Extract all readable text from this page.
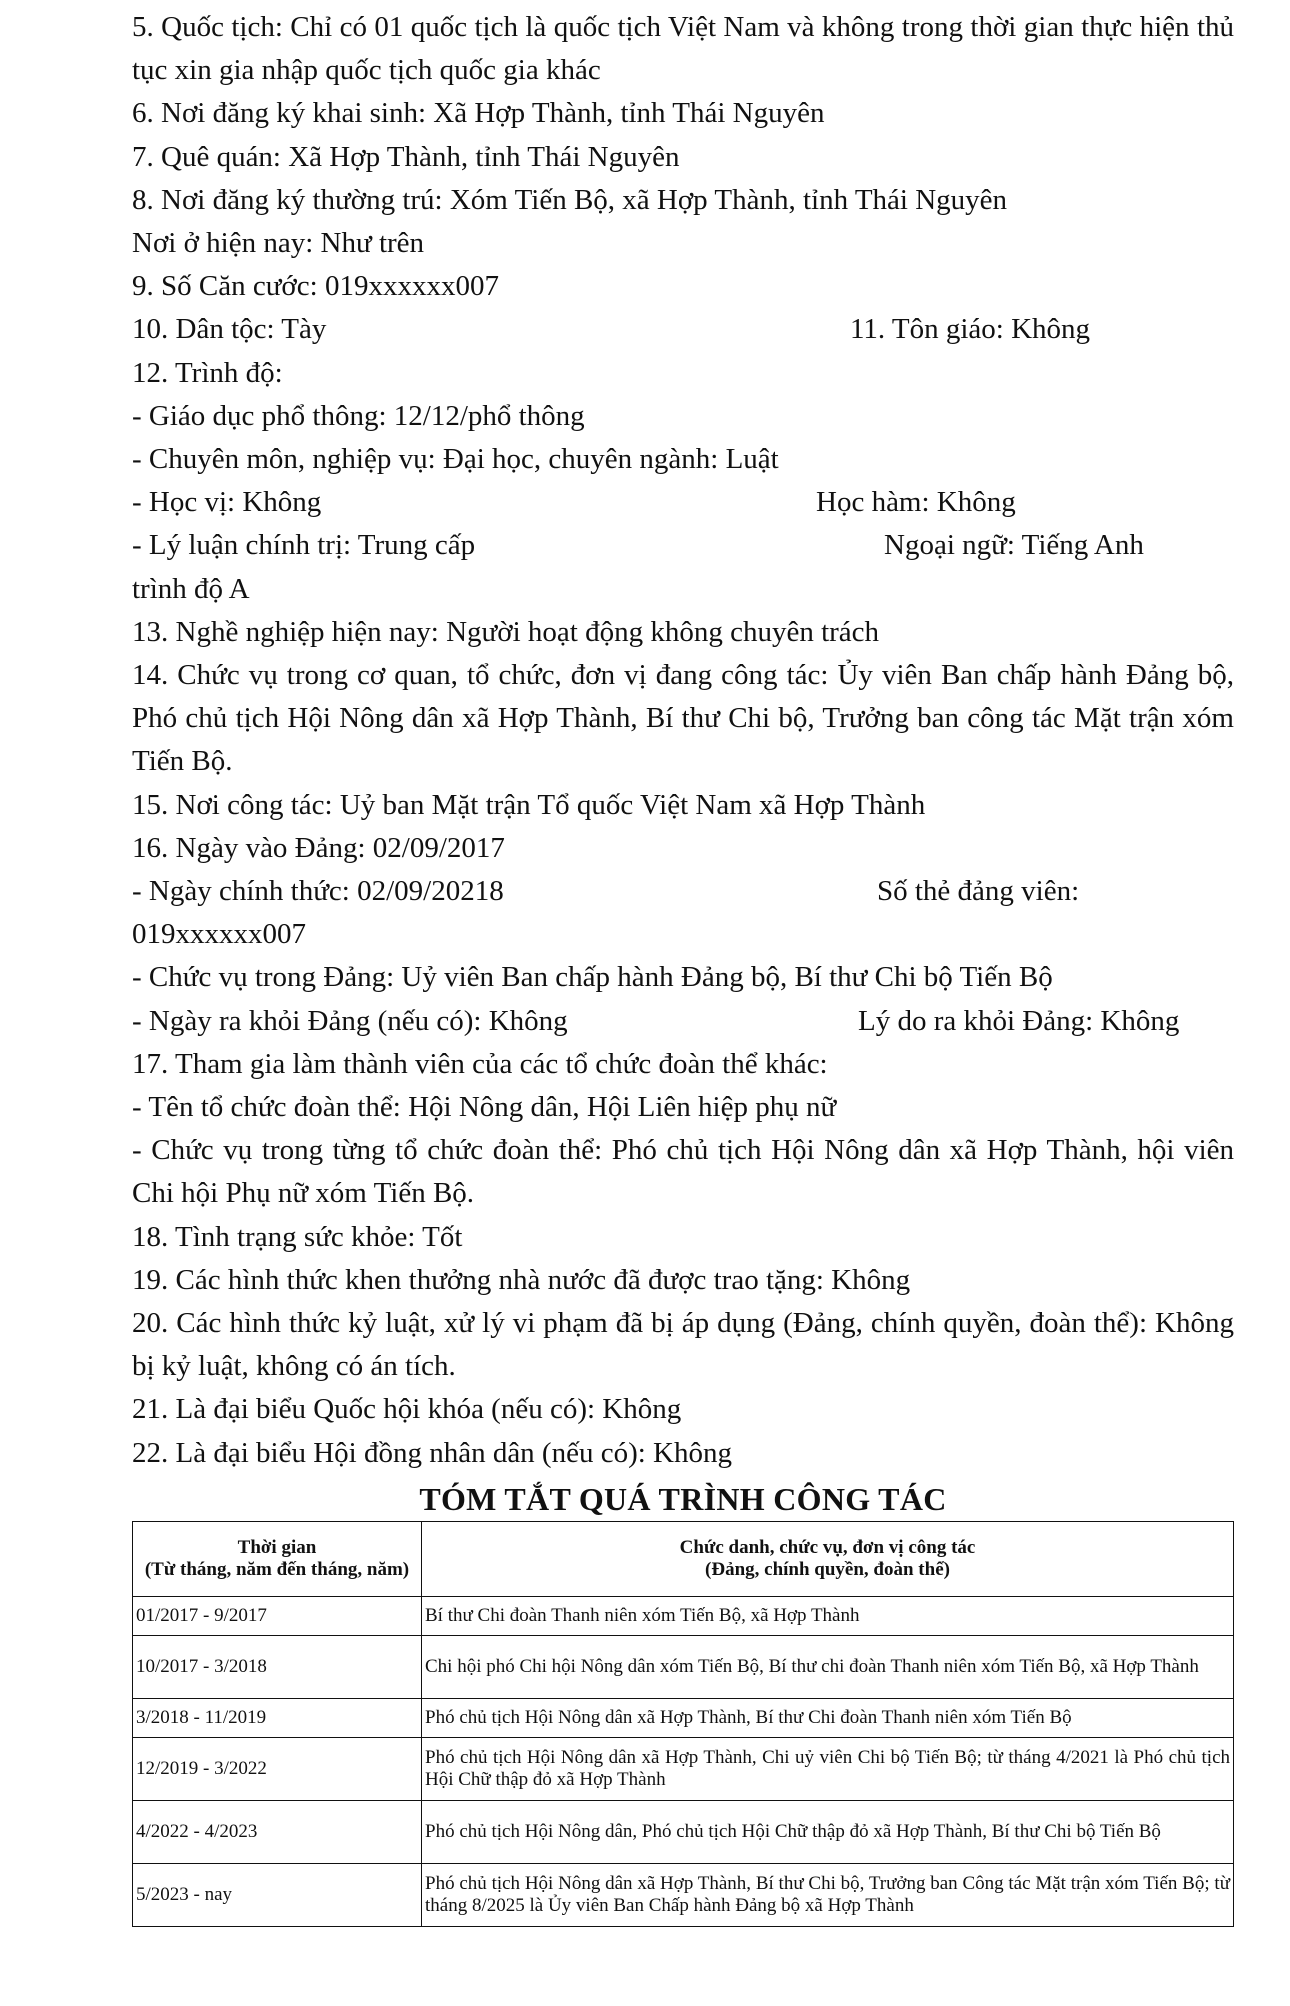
5. Quốc tịch: Chỉ có 01 quốc tịch là quốc tịch Việt Nam và không trong thời gian thực hiện thủ tục xin gia nhập quốc tịch quốc gia khác
6. Nơi đăng ký khai sinh: Xã Hợp Thành, tỉnh Thái Nguyên
7. Quê quán: Xã Hợp Thành, tỉnh Thái Nguyên
8. Nơi đăng ký thường trú: Xóm Tiến Bộ, xã Hợp Thành, tỉnh Thái Nguyên
Nơi ở hiện nay: Như trên
9. Số Căn cước: 019xxxxxx007
10. Dân tộc: Tày	11. Tôn giáo: Không
12. Trình độ:
- Giáo dục phổ thông: 12/12/phổ thông
- Chuyên môn, nghiệp vụ: Đại học, chuyên ngành: Luật
- Học vị: Không	Học hàm: Không
- Lý luận chính trị: Trung cấp	Ngoại ngữ: Tiếng Anh
trình độ A
13. Nghề nghiệp hiện nay: Người hoạt động không chuyên trách
14. Chức vụ trong cơ quan, tổ chức, đơn vị đang công tác: Ủy viên Ban chấp hành Đảng bộ, Phó chủ tịch Hội Nông dân xã Hợp Thành, Bí thư Chi bộ, Trưởng ban công tác Mặt trận xóm Tiến Bộ.
15. Nơi công tác: Uỷ ban Mặt trận Tổ quốc Việt Nam xã Hợp Thành
16. Ngày vào Đảng: 02/09/2017
- Ngày chính thức: 02/09/20218	Số thẻ đảng viên:
019xxxxxx007
- Chức vụ trong Đảng: Uỷ viên Ban chấp hành Đảng bộ, Bí thư Chi bộ Tiến Bộ
- Ngày ra khỏi Đảng (nếu có): Không	Lý do ra khỏi Đảng: Không
17. Tham gia làm thành viên của các tổ chức đoàn thể khác:
- Tên tổ chức đoàn thể: Hội Nông dân, Hội Liên hiệp phụ nữ
- Chức vụ trong từng tổ chức đoàn thể: Phó chủ tịch Hội Nông dân xã Hợp Thành, hội viên Chi hội Phụ nữ xóm Tiến Bộ.
18. Tình trạng sức khỏe: Tốt
19. Các hình thức khen thưởng nhà nước đã được trao tặng: Không
20. Các hình thức kỷ luật, xử lý vi phạm đã bị áp dụng (Đảng, chính quyền, đoàn thể): Không bị kỷ luật, không có án tích.
21. Là đại biểu Quốc hội khóa (nếu có): Không
22. Là đại biểu Hội đồng nhân dân (nếu có): Không
TÓM TẮT QUÁ TRÌNH CÔNG TÁC
Thời gian
(Từ tháng, năm đến tháng, năm)	Chức danh, chức vụ, đơn vị công tác
(Đảng, chính quyền, đoàn thể)
01/2017 - 9/2017	Bí thư Chi đoàn Thanh niên xóm Tiến Bộ, xã Hợp Thành
10/2017 - 3/2018	Chi hội phó Chi hội Nông dân xóm Tiến Bộ, Bí thư chi đoàn Thanh niên xóm Tiến Bộ, xã Hợp Thành
3/2018 - 11/2019	Phó chủ tịch Hội Nông dân xã Hợp Thành, Bí thư Chi đoàn Thanh niên xóm Tiến Bộ
12/2019 - 3/2022	Phó chủ tịch Hội Nông dân xã Hợp Thành, Chi uỷ viên Chi bộ Tiến Bộ; từ tháng 4/2021 là Phó chủ tịch Hội Chữ thập đỏ xã Hợp Thành
4/2022 - 4/2023	Phó chủ tịch Hội Nông dân, Phó chủ tịch Hội Chữ thập đỏ xã Hợp Thành, Bí thư Chi bộ Tiến Bộ
5/2023 - nay	Phó chủ tịch Hội Nông dân xã Hợp Thành, Bí thư Chi bộ, Trưởng ban Công tác Mặt trận xóm Tiến Bộ; từ tháng 8/2025 là Ủy viên Ban Chấp hành Đảng bộ xã Hợp Thành
